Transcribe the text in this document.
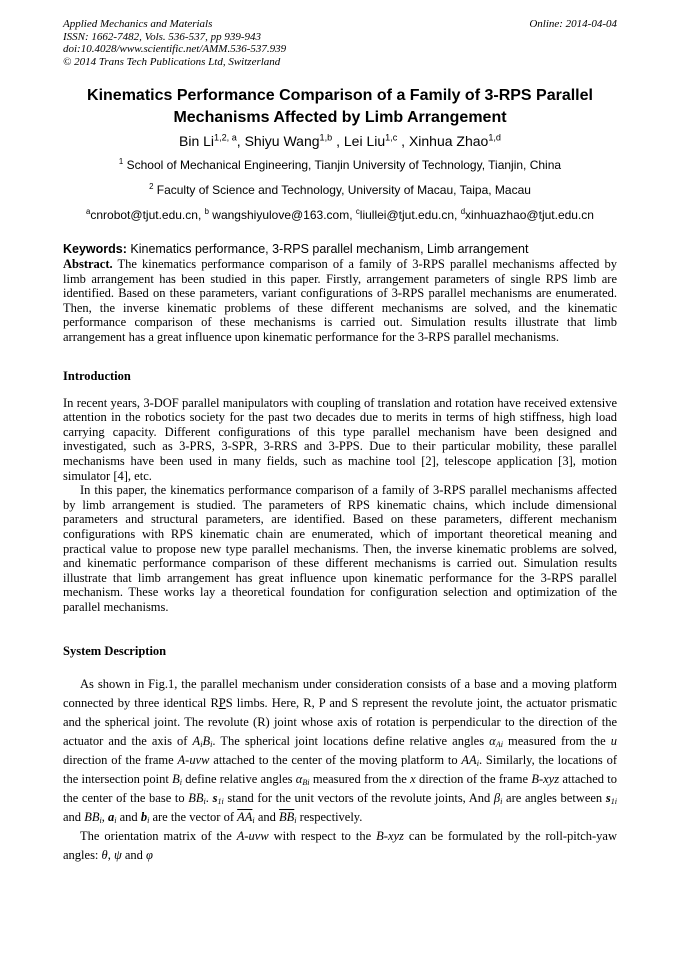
Applied Mechanics and Materials
ISSN: 1662-7482, Vols. 536-537, pp 939-943
doi:10.4028/www.scientific.net/AMM.536-537.939
© 2014 Trans Tech Publications Ltd, Switzerland
Online: 2014-04-04
Kinematics Performance Comparison of a Family of 3-RPS Parallel Mechanisms Affected by Limb Arrangement
Bin Li$^{1,2, a}$, Shiyu Wang$^{1,b}$ , Lei Liu$^{1,c}$ , Xinhua Zhao$^{1,d}$
$^1$ School of Mechanical Engineering, Tianjin University of Technology, Tianjin, China
$^2$ Faculty of Science and Technology, University of Macau, Taipa, Macau
$^a$cnrobot@tjut.edu.cn, $^b$ wangshiyulove@163.com, $^c$liullei@tjut.edu.cn, $^d$xinhuazhao@tjut.edu.cn
Keywords: Kinematics performance, 3-RPS parallel mechanism, Limb arrangement

Abstract. The kinematics performance comparison of a family of 3-RPS parallel mechanisms affected by limb arrangement has been studied in this paper. Firstly, arrangement parameters of single RPS limb are identified. Based on these parameters, variant configurations of 3-RPS parallel mechanisms are enumerated. Then, the inverse kinematic problems of these different mechanisms are solved, and the kinematic performance comparison of these mechanisms is carried out. Simulation results illustrate that limb arrangement has a great influence upon kinematic performance for the 3-RPS parallel mechanisms.

Introduction

In recent years, 3-DOF parallel manipulators with coupling of translation and rotation have received extensive attention in the robotics society for the past two decades due to merits in terms of high stiffness, high load carrying capacity. Different configurations of this type parallel mechanism have been designed and investigated, such as 3-PRS, 3-SPR, 3-RRS and 3-PPS. Due to their particular mobility, these parallel mechanisms have been used in many fields, such as machine tool [2], telescope application [3], motion simulator [4], etc.

In this paper, the kinematics performance comparison of a family of 3-RPS parallel mechanisms affected by limb arrangement is studied. The parameters of RPS kinematic chains, which include dimensional parameters and structural parameters, are identified. Based on these parameters, different mechanism configurations with RPS kinematic chain are enumerated, which of important theoretical meaning and practical value to propose new type parallel mechanisms. Then, the inverse kinematic problems are solved, and kinematic performance comparison of these different mechanisms is carried out. Simulation results illustrate that limb arrangement has great influence upon kinematic performance for the 3-RPS parallel mechanism. These works lay a theoretical foundation for configuration selection and optimization of the parallel mechanisms.

System Description

As shown in Fig.1, the parallel mechanism under consideration consists of a base and a moving platform connected by three identical RPS limbs. Here, R, P and S represent the revolute joint, the actuator prismatic and the spherical joint. The revolute (R) joint whose axis of rotation is perpendicular to the direction of the actuator and the axis of AiBi. The spherical joint locations define relative angles αAi measured from the u direction of the frame A-uvw attached to the center of the moving platform to AAi. Similarly, the locations of the intersection point Bi define relative angles αBi measured from the x direction of the frame B-xyz attached to the center of the base to BBi. s1i stand for the unit vectors of the revolute joints, And βi are angles between s1i and BBi, ai and bi are the vector of $\overline{AA}i$ and $\overline{BB}i$ respectively.

The orientation matrix of the A-uvw with respect to the B-xyz can be formulated by the roll-pitch-yaw angles: θ, ψ and φ
